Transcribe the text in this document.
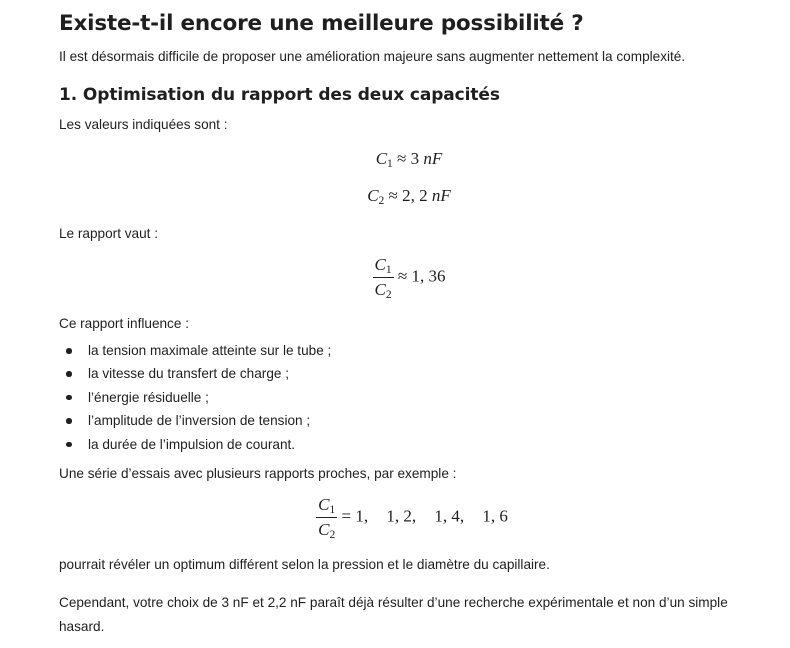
Existe-t-il encore une meilleure possibilité ?

Il est désormais difficile de proposer une amélioration majeure sans augmenter nettement la complexité.

1. Optimisation du rapport des deux capacités

Les valeurs indiquées sont :

$C_1 \approx 3$ nF
$C_2 \approx 2$, 2 nF

Le rapport vaut :

$\frac{C_1}{C_2} \approx 1$, 36

Ce rapport influence :

la tension maximale atteinte sur le tube ;
la vitesse du transfert de charge ;
l’énergie résiduelle ;
l’amplitude de l’inversion de tension ;
la durée de l’impulsion de courant.

Une série d’essais avec plusieurs rapports proches, par exemple :

$\frac{C_1}{C_2} = 1$, 1, 2, 1, 4, 1, 6

pourrait révéler un optimum différent selon la pression et le diamètre du capillaire.

Cependant, votre choix de 3 nF et 2,2 nF paraît déjà résulter d’une recherche expérimentale et non d’un simple hasard.
